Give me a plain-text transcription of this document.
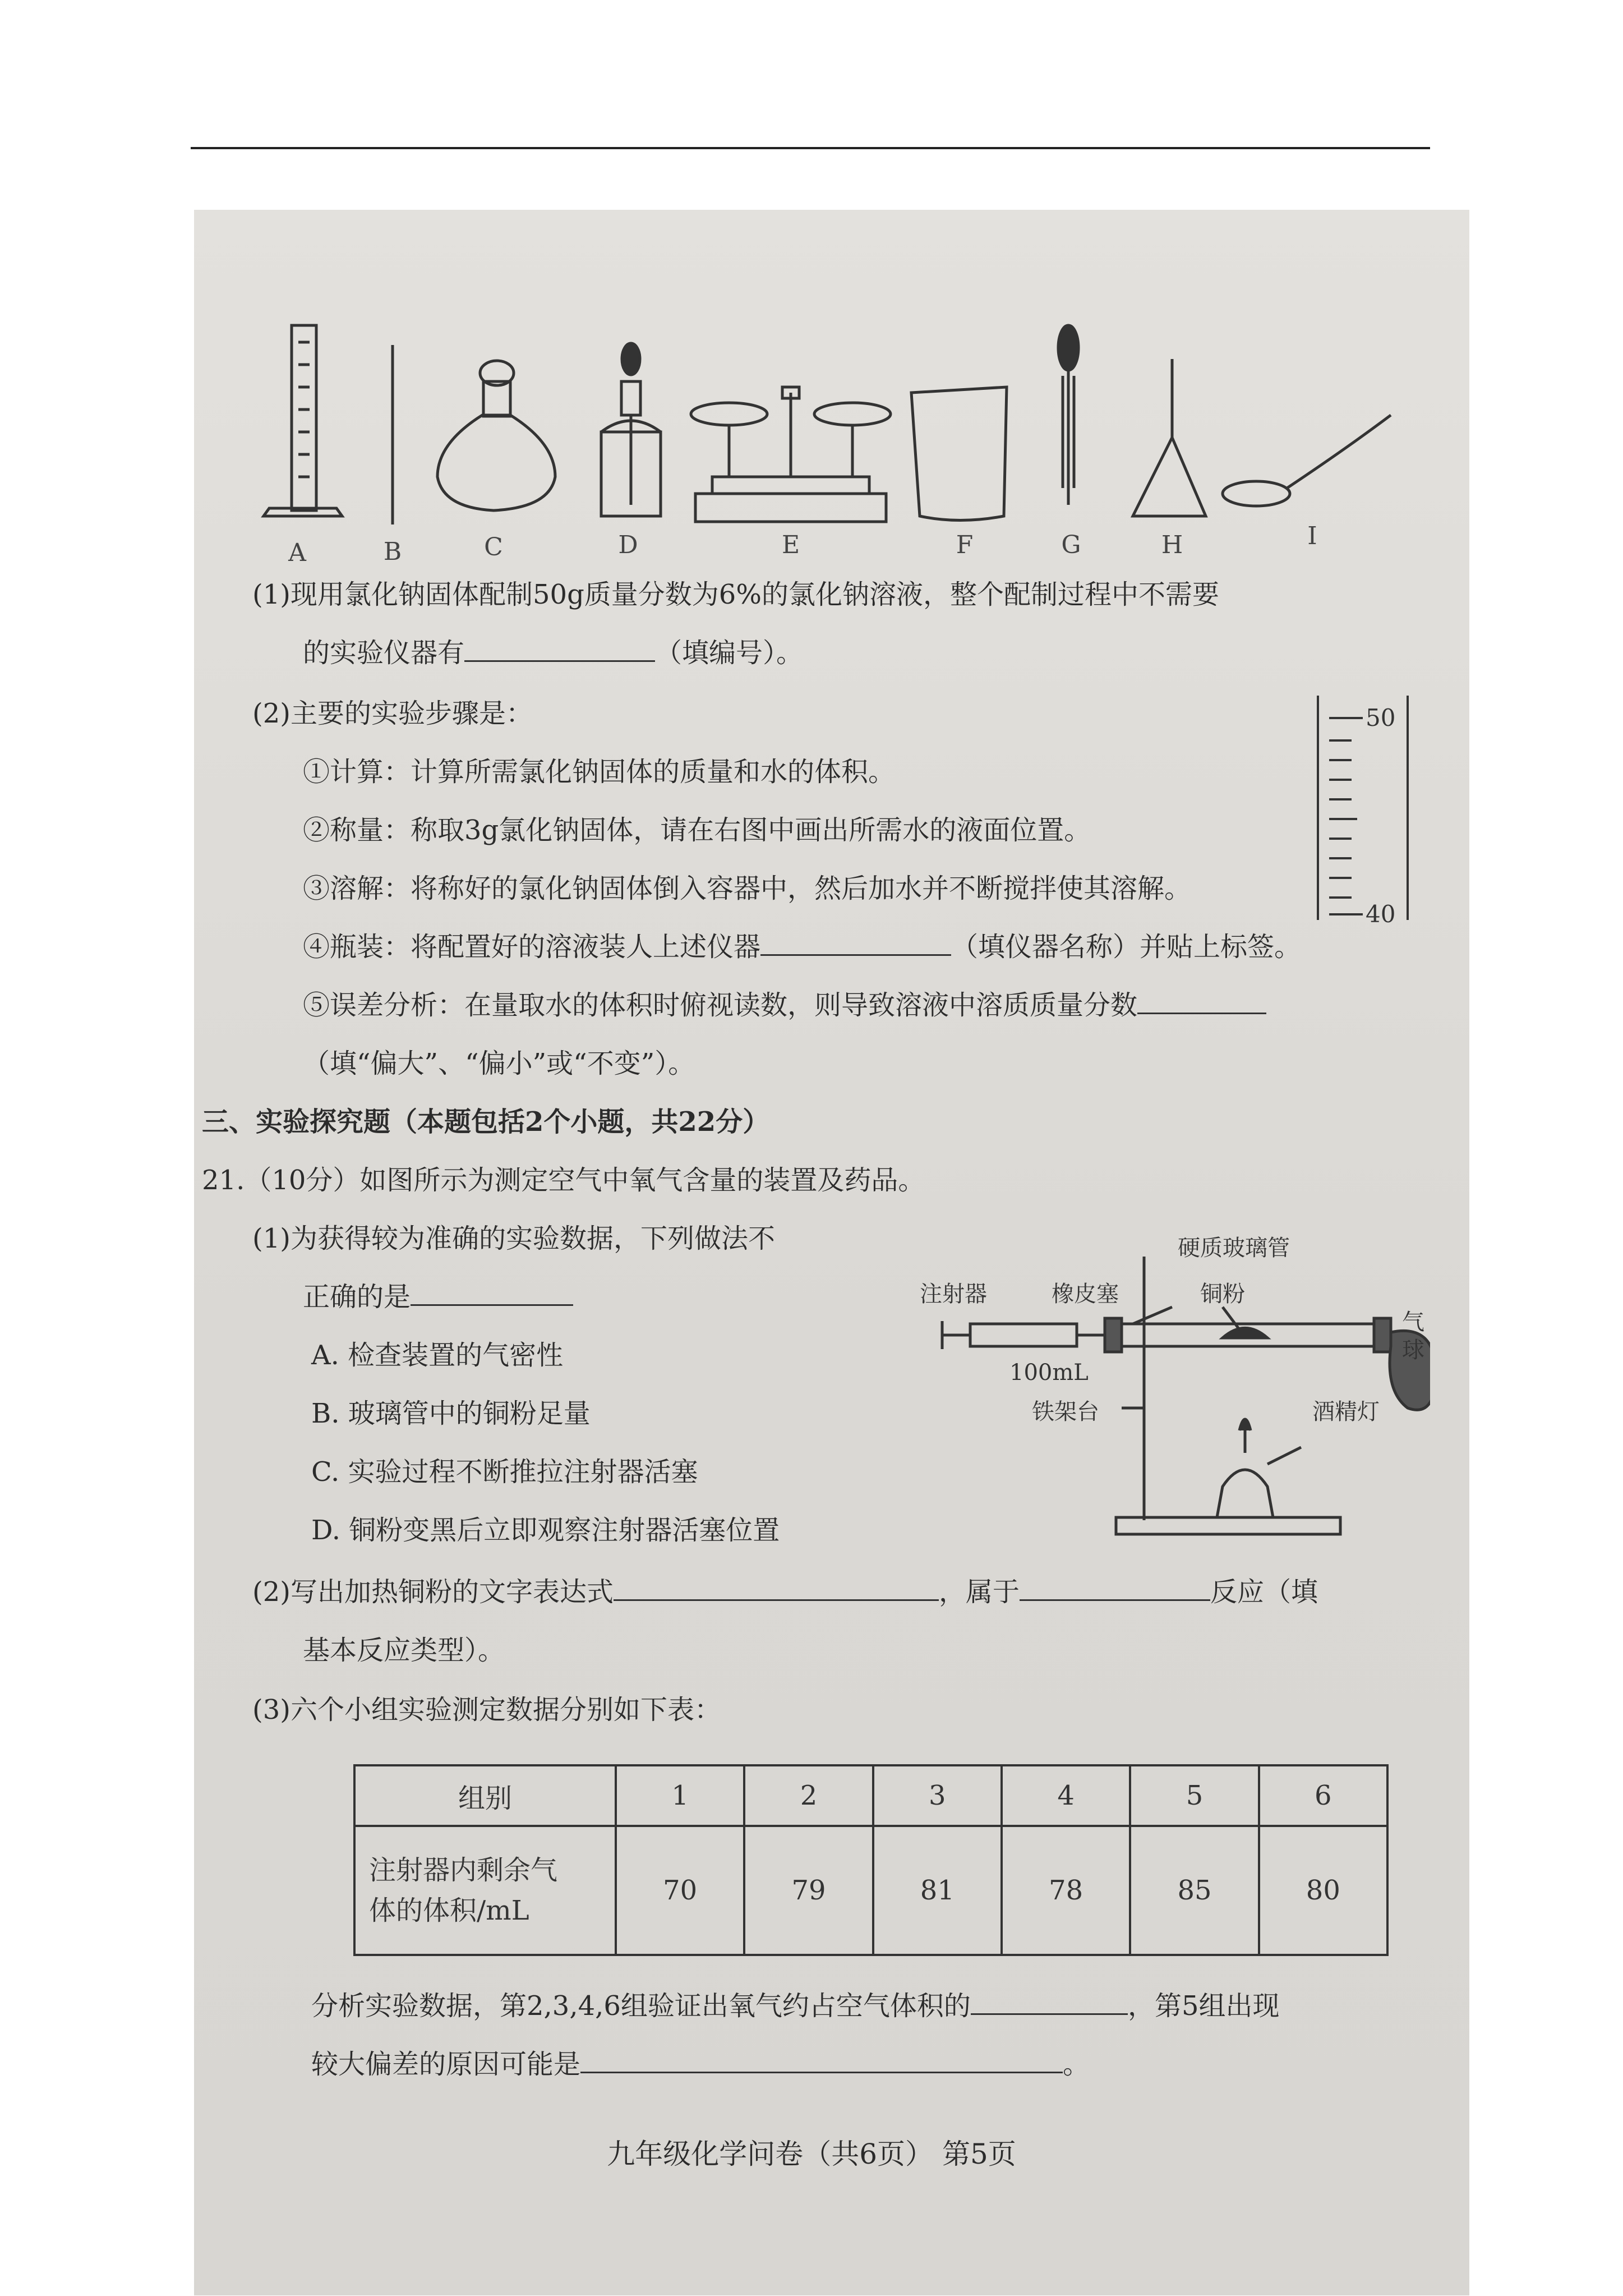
A	B	C	D	E	F	G	H	I
(1)现用氯化钠固体配制50g质量分数为6%的氯化钠溶液，整个配制过程中不需要
的实验仪器有	（填编号）。
(2)主要的实验步骤是：
①计算：计算所需氯化钠固体的质量和水的体积。
②称量：称取3g氯化钠固体，请在右图中画出所需水的液面位置。
③溶解：将称好的氯化钠固体倒入容器中，然后加水并不断搅拌使其溶解。
④瓶装：将配置好的溶液装人上述仪器	（填仪器名称）并贴上标签。
⑤误差分析：在量取水的体积时俯视读数，则导致溶液中溶质质量分数
（填“偏大”、“偏小”或“不变”）。
50
40
三、实验探究题（本题包括2个小题，共22分）
21.（10分）如图所示为测定空气中氧气含量的装置及药品。
(1)为获得较为准确的实验数据，下列做法不
正确的是
A. 检查装置的气密性
B. 玻璃管中的铜粉足量
C. 实验过程不断推拉注射器活塞
D. 铜粉变黑后立即观察注射器活塞位置
硬质玻璃管
注射器	橡皮塞	铜粉
气
球
100mL
铁架台	酒精灯
(2)写出加热铜粉的文字表达式	，属于	反应（填
基本反应类型）。
(3)六个小组实验测定数据分别如下表：
组别	1	2	3	4	5	6
注射器内剩余气
体的体积/mL	70	79	81	78	85	80
分析实验数据，第2,3,4,6组验证出氧气约占空气体积的	，第5组出现
较大偏差的原因可能是	。
九年级化学问卷（共6页） 第5页
